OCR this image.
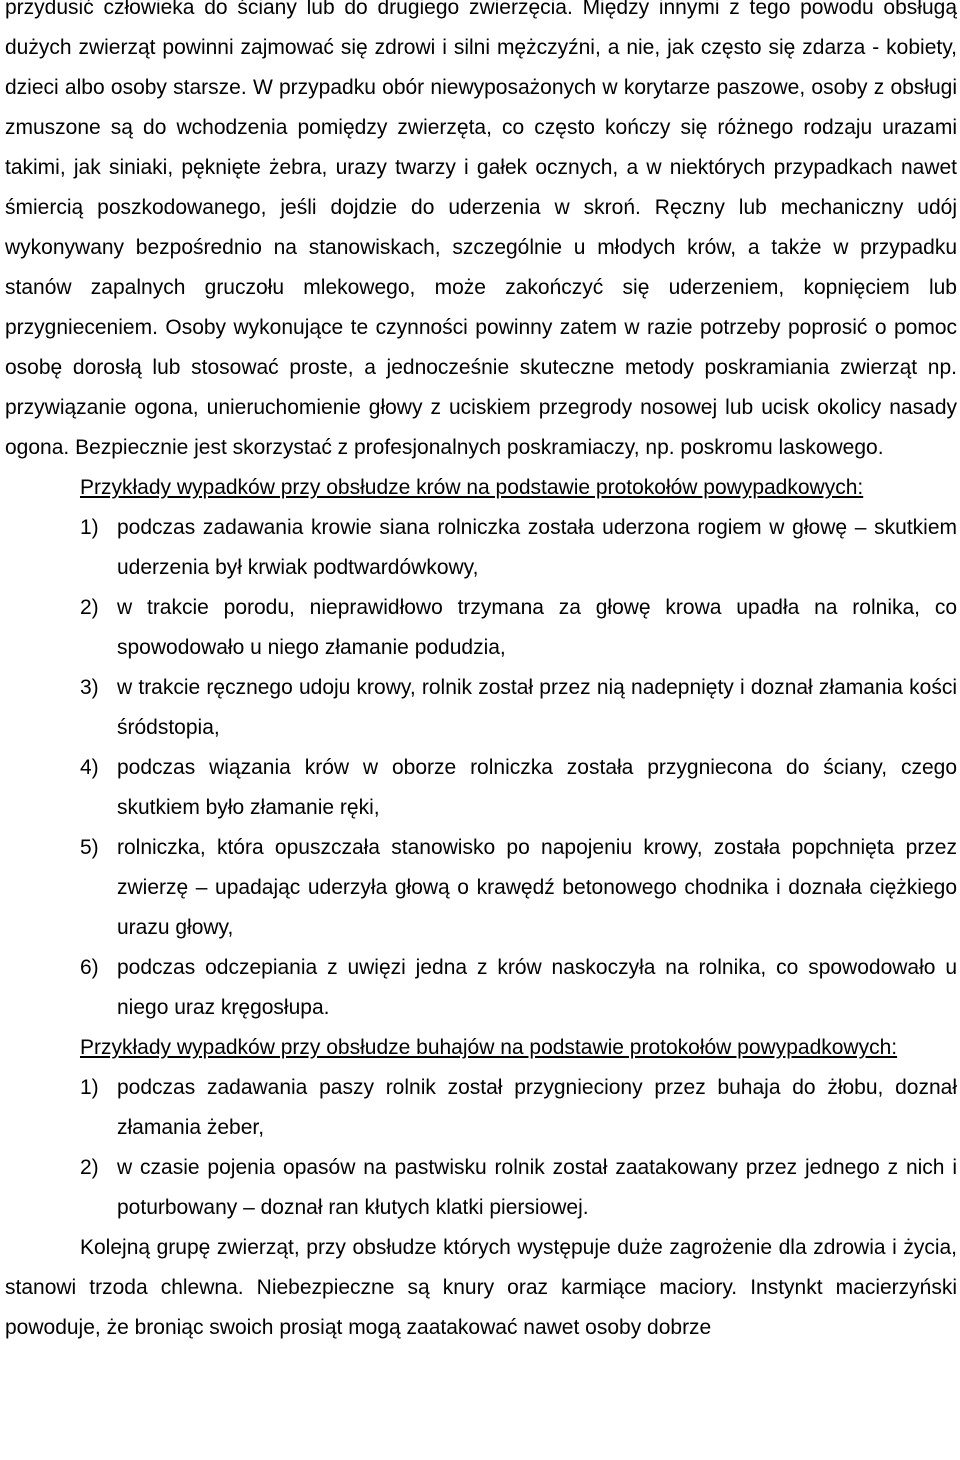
przydusić człowieka do ściany lub do drugiego zwierzęcia. Między innymi z tego powodu obsługą dużych zwierząt powinni zajmować się zdrowi i silni mężczyźni, a nie, jak często się zdarza - kobiety, dzieci albo osoby starsze. W przypadku obór niewyposażonych w korytarze paszowe, osoby z obsługi zmuszone są do wchodzenia pomiędzy zwierzęta, co często kończy się różnego rodzaju urazami takimi, jak siniaki, pęknięte żebra, urazy twarzy i gałek ocznych, a w niektórych przypadkach nawet śmiercią poszkodowanego, jeśli dojdzie do uderzenia w skroń. Ręczny lub mechaniczny udój wykonywany bezpośrednio na stanowiskach, szczególnie u młodych krów, a także w przypadku stanów zapalnych gruczołu mlekowego, może zakończyć się uderzeniem, kopnięciem lub przygnieceniem. Osoby wykonujące te czynności powinny zatem w razie potrzeby poprosić o pomoc osobę dorosłą lub stosować proste, a jednocześnie skuteczne metody poskramiania zwierząt np. przywiązanie ogona, unieruchomienie głowy z uciskiem przegrody nosowej lub ucisk okolicy nasady ogona. Bezpiecznie jest skorzystać z profesjonalnych poskramiaczy, np. poskromu laskowego.

Przykłady wypadków przy obsłudze krów na podstawie protokołów powypadkowych:
1) podczas zadawania krowie siana rolniczka została uderzona rogiem w głowę – skutkiem uderzenia był krwiak podtwardówkowy,
2) w trakcie porodu, nieprawidłowo trzymana za głowę krowa upadła na rolnika, co spowodowało u niego złamanie podudzia,
3) w trakcie ręcznego udoju krowy, rolnik został przez nią nadepnięty i doznał złamania kości śródstopia,
4) podczas wiązania krów w oborze rolniczka została przygniecona do ściany, czego skutkiem było złamanie ręki,
5) rolniczka, która opuszczała stanowisko po napojeniu krowy, została popchnięta przez zwierzę – upadając uderzyła głową o krawędź betonowego chodnika i doznała ciężkiego urazu głowy,
6) podczas odczepiania z uwięzi jedna z krów naskoczyła na rolnika, co spowodowało u niego uraz kręgosłupa.
Przykłady wypadków przy obsłudze buhajów na podstawie protokołów powypadkowych:
1) podczas zadawania paszy rolnik został przygnieciony przez buhaja do żłobu, doznał złamania żeber,
2) w czasie pojenia opasów na pastwisku rolnik został zaatakowany przez jednego z nich i poturbowany – doznał ran kłutych klatki piersiowej.

Kolejną grupę zwierząt, przy obsłudze których występuje duże zagrożenie dla zdrowia i życia, stanowi trzoda chlewna. Niebezpieczne są knury oraz karmiące maciory. Instynkt macierzyński powoduje, że broniąc swoich prosiąt mogą zaatakować nawet osoby dobrze
